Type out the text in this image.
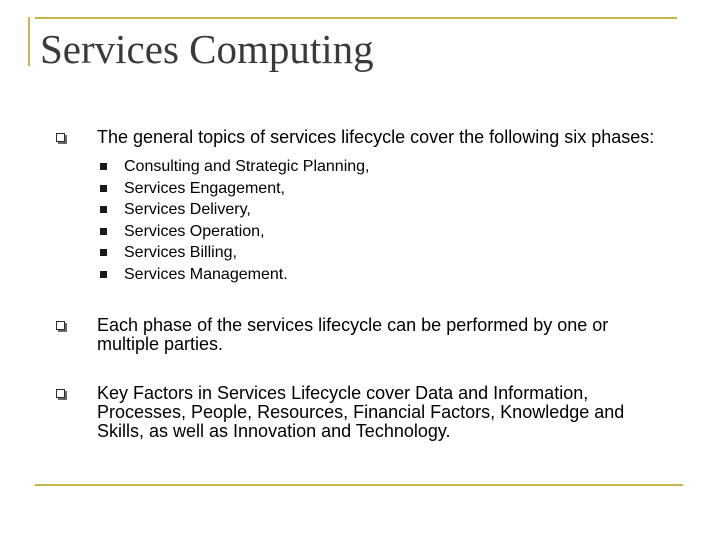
Services Computing
The general topics of services lifecycle cover the following six phases:
Consulting and Strategic Planning,
Services Engagement,
Services Delivery,
Services Operation,
Services Billing,
Services Management.
Each phase of the services lifecycle can be performed by one or multiple parties.
Key Factors in Services Lifecycle cover Data and Information, Processes, People, Resources, Financial Factors, Knowledge and Skills, as well as Innovation and Technology.
